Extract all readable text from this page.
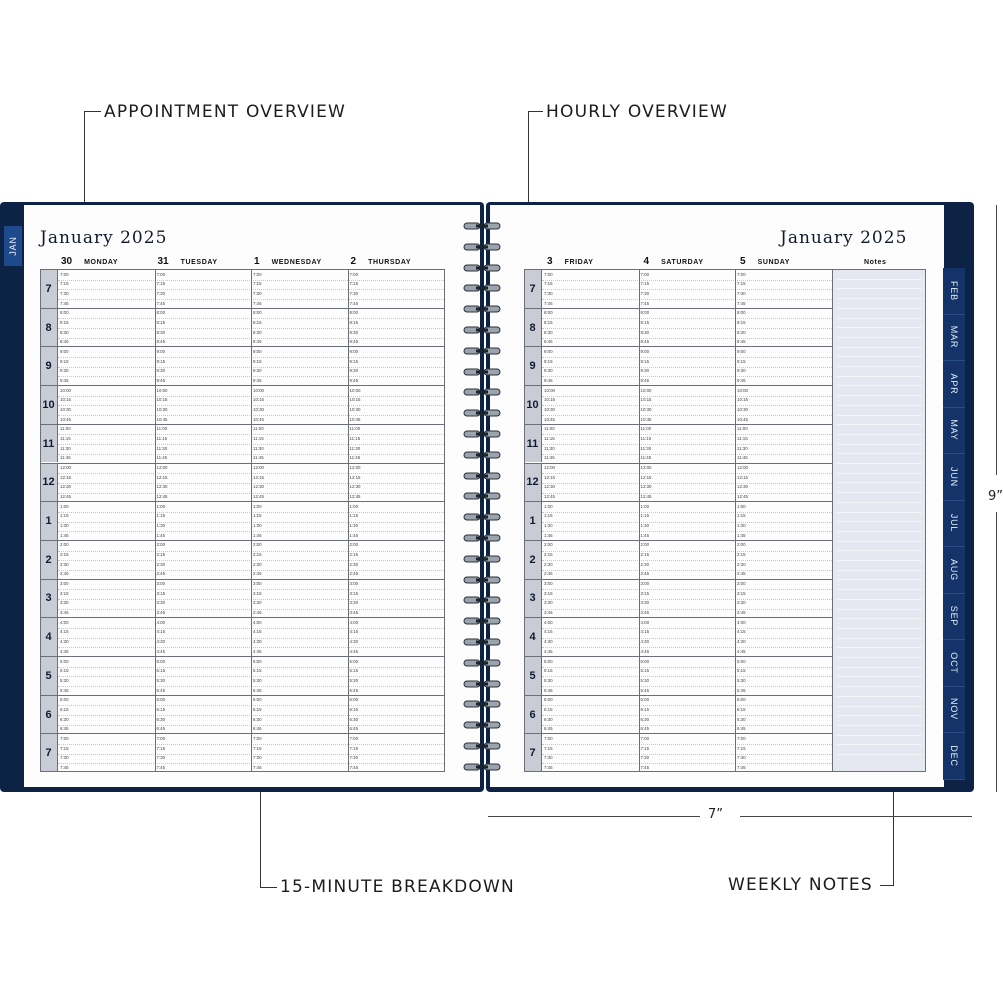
APPOINTMENT OVERVIEW	HOURLY OVERVIEW
15-MINUTE BREAKDOWN	WEEKLY NOTES
JAN
FEB
MAR
APR
MAY
JUN
JUL
AUG
SEP
OCT
NOV
DEC
January 2025	January 2025
30 MONDAY	31 TUESDAY	1 WEDNESDAY	2 THURSDAY	3 FRIDAY	4 SATURDAY	5 SUNDAY	Notes
7
7:00	7:00	7:00	7:00
7:15	7:15	7:15	7:15
7:30	7:30	7:30	7:30
7:45	7:45	7:45	7:45
8
8:00	8:00	8:00	8:00
8:15	8:15	8:15	8:15
8:30	8:30	8:30	8:30
8:45	8:45	8:45	8:45
9
9:00	9:00	9:00	9:00
9:15	9:15	9:15	9:15
9:30	9:30	9:30	9:30
9:45	9:45	9:45	9:45
10
10:00	10:00	10:00	10:00
10:15	10:15	10:15	10:15
10:30	10:30	10:30	10:30
10:45	10:45	10:45	10:45
11
11:00	11:00	11:00	11:00
11:15	11:15	11:15	11:15
11:30	11:30	11:30	11:30
11:45	11:45	11:45	11:45
12
12:00	12:00	12:00	12:00
12:15	12:15	12:15	12:15
12:30	12:30	12:30	12:30
12:45	12:45	12:45	12:45
1
1:00	1:00	1:00	1:00
1:15	1:15	1:15	1:15
1:30	1:30	1:30	1:30
1:45	1:45	1:45	1:45
2
2:00	2:00	2:00	2:00
2:15	2:15	2:15	2:15
2:30	2:30	2:30	2:30
2:45	2:45	2:45	2:45
3
3:00	3:00	3:00	3:00
3:15	3:15	3:15	3:15
3:30	3:30	3:30	3:30
3:45	3:45	3:45	3:45
4
4:00	4:00	4:00	4:00
4:15	4:15	4:15	4:15
4:30	4:30	4:30	4:30
4:45	4:45	4:45	4:45
5
5:00	5:00	5:00	5:00
5:15	5:15	5:15	5:15
5:30	5:30	5:30	5:30
5:45	5:45	5:45	5:45
6
6:00	6:00	6:00	6:00
6:15	6:15	6:15	6:15
6:30	6:30	6:30	6:30
6:45	6:45	6:45	6:45
7
7:00	7:00	7:00	7:00
7:15	7:15	7:15	7:15
7:30	7:30	7:30	7:30
7:45	7:45	7:45	7:45
7
7:00	7:00	7:00
7:15	7:15	7:15
7:30	7:30	7:30
7:45	7:45	7:45
8
8:00	8:00	8:00
8:15	8:15	8:15
8:30	8:30	8:30
8:45	8:45	8:45
9
9:00	9:00	9:00
9:15	9:15	9:15
9:30	9:30	9:30
9:45	9:45	9:45
10
10:00	10:00	10:00
10:15	10:15	10:15
10:30	10:30	10:30
10:45	10:45	10:45
11
11:00	11:00	11:00
11:15	11:15	11:15
11:30	11:30	11:30
11:45	11:45	11:45
12
12:00	12:00	12:00
12:15	12:15	12:15
12:30	12:30	12:30
12:45	12:45	12:45
1
1:00	1:00	1:00
1:15	1:15	1:15
1:30	1:30	1:30
1:45	1:45	1:45
2
2:00	2:00	2:00
2:15	2:15	2:15
2:30	2:30	2:30
2:45	2:45	2:45
3
3:00	3:00	3:00
3:15	3:15	3:15
3:30	3:30	3:30
3:45	3:45	3:45
4
4:00	4:00	4:00
4:15	4:15	4:15
4:30	4:30	4:30
4:45	4:45	4:45
5
5:00	5:00	5:00
5:15	5:15	5:15
5:30	5:30	5:30
5:45	5:45	5:45
6
6:00	6:00	6:00
6:15	6:15	6:15
6:30	6:30	6:30
6:45	6:45	6:45
7
7:00	7:00	7:00
7:15	7:15	7:15
7:30	7:30	7:30
7:45	7:45	7:45
7”
9”
